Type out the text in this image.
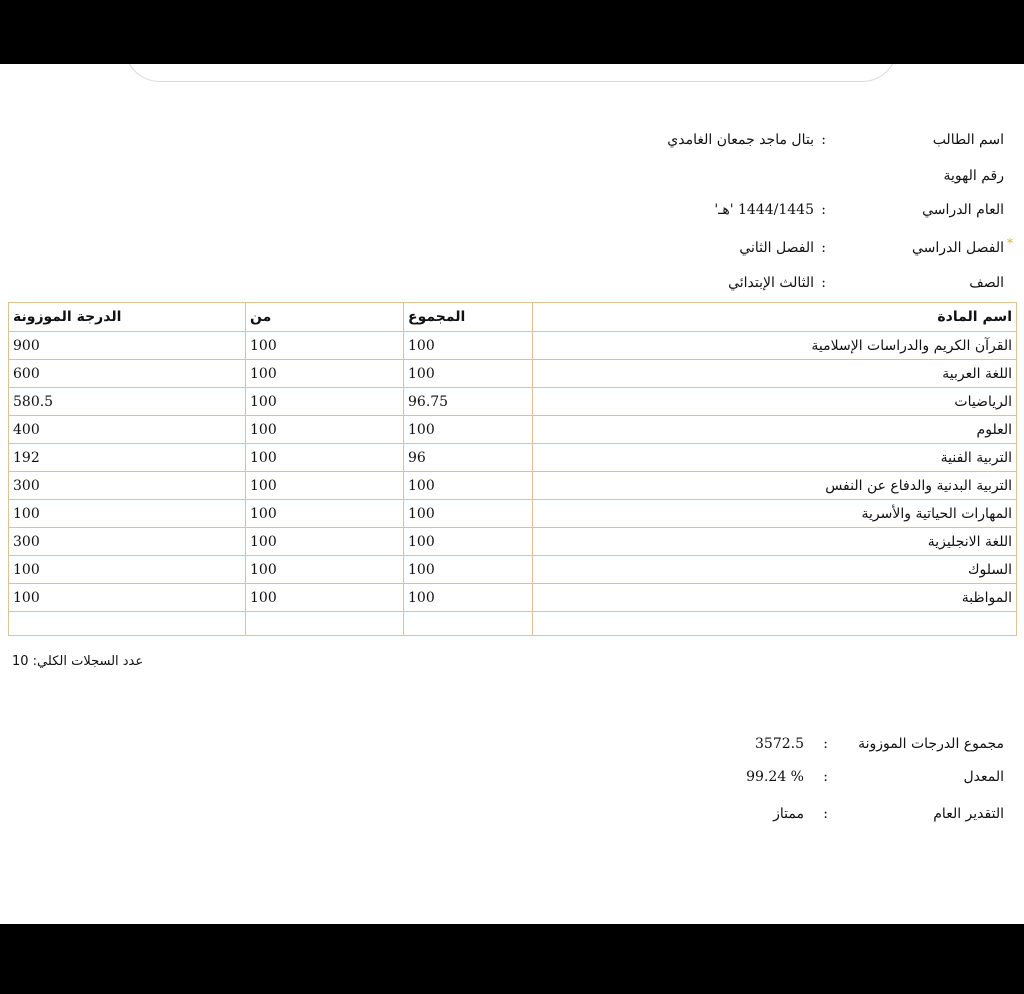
اسم الطالب
:
بتال ماجد جمعان الغامدي
رقم الهوية
العام الدراسي
:
1444/1445 'هـ'
*
الفصل الدراسي
:
الفصل الثاني
الصف
:
الثالث الإبتدائي
اسم المادة	المجموع	من	الدرجة الموزونة
القرآن الكريم والدراسات الإسلامية	100	100	900
اللغة العربية	100	100	600
الرياضيات	96.75	100	580.5
العلوم	100	100	400
التربية الفنية	96	100	192
التربية البدنية والدفاع عن النفس	100	100	300
المهارات الحياتية والأسرية	100	100	100
اللغة الانجليزية	100	100	300
السلوك	100	100	100
المواظبة	100	100	100

عدد السجلات الكلي: 10
مجموع الدرجات الموزونة
:
3572.5
المعدل
:
% 99.24
التقدير العام
:
ممتاز
